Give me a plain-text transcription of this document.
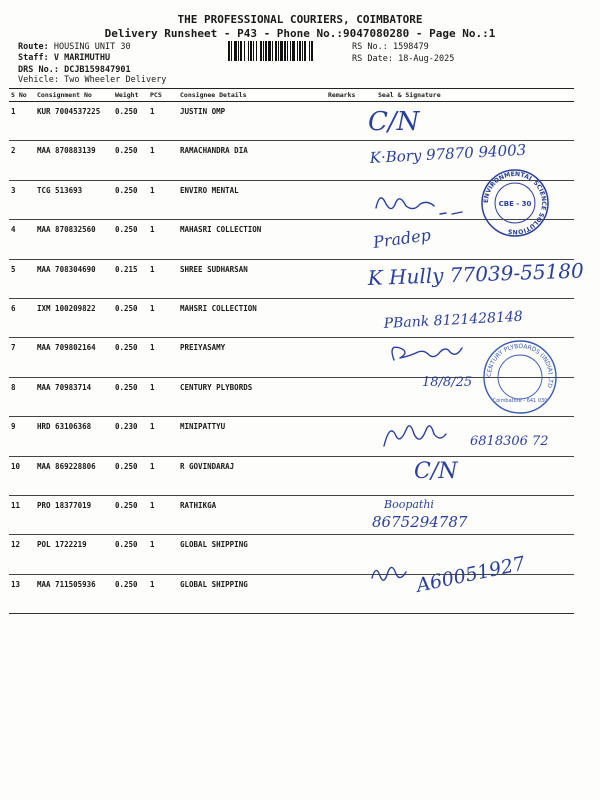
THE PROFESSIONAL COURIERS, COIMBATORE
Delivery Runsheet - P43 - Phone No.:9047080280 - Page No.:1
Route: HOUSING UNIT 30
Staff: V MARIMUTHU
DRS No.: DCJB159847901
Vehicle: Two Wheeler Delivery
RS No.: 1598479
RS Date: 18-Aug-2025
S No	Consignment No	Weight	PCS	Consignee Details	Remarks	Seal & Signature
1	KUR 7004537225	0.250	1	JUSTIN OMP		
2	MAA 870883139	0.250	1	RAMACHANDRA DIA		
3	TCG 513693	0.250	1	ENVIRO MENTAL		
4	MAA 870832560	0.250	1	MAHASRI COLLECTION		
5	MAA 708304690	0.215	1	SHREE SUDHARSAN		
6	IXM 100209822	0.250	1	MAHSRI COLLECTION		
7	MAA 709802164	0.250	1	PREIYASAMY		
8	MAA 70983714	0.250	1	CENTURY PLYBORDS		
9	HRD 63106368	0.230	1	MINIPATTYU		
10	MAA 869228806	0.250	1	R GOVINDARAJ		
11	PRO 18377019	0.250	1	RATHIKGA		
12	POL 1722219	0.250	1	GLOBAL SHIPPING		
13	MAA 711505936	0.250	1	GLOBAL SHIPPING		
C/N
K·Bory 97870 94003
ENVIRONMENTAL SCIENCE SOLUTIONS
CBE - 30
Pradep
K Hully 77039-55180
PBank 8121428148
CENTURY PLYBOARDS (INDIA) LTD
Coimbatore - 641 030
18/8/25
6818306 72
C/N
Boopathi
8675294787
A60051927
